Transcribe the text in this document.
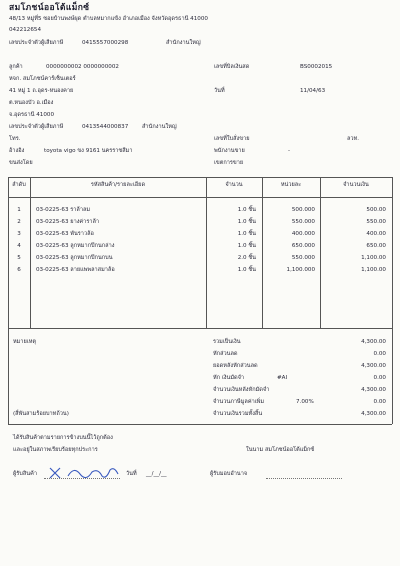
สมโภชน์ออโต้แม็กซ์
48/13 หมู่ที่5 ซอยบ้านพงษ์ผุด ตำบลหมากแข้ง อำเภอเมือง จังหวัดอุดรธานี 41000
042212654
เลขประจำตัวผู้เสียภาษี	0415557000298	สำนักงานใหญ่
ลูกค้า	0000000002 0000000002
หจก. สมโภชน์คาร์เซ็นเตอร์
41 หมู่ 1 ถ.อุดร-หนองคาย
ต.หนองบัว อ.เมือง
จ.อุดรธานี 41000
เลขประจำตัวผู้เสียภาษี	0413544000837 สำนักงานใหญ่
โทร.
อ้างอิง	toyota vigo ขง 9161 นครราชสีมา
ขนส่งโดย
เลขที่บิลเงินสด	BS0002015
วันที่	11/04/63
เลขที่ใบสั่งขาย	ลวท.
พนักงานขาย	-
เขตการขาย
ลำดับ	รหัสสินค้า/รายละเอียด	จำนวน	หน่วยละ	จำนวนเงิน
1	03-0225-63 ราล้าลม	1.0 ชิ้น	500.000	500.00
2	03-0225-63 ยางค่าราล้า	1.0 ชิ้น	550.000	550.00
3	03-0225-63 พันราวล้อ	1.0 ชิ้น	400.000	400.00
4	03-0225-63 ลูกหมากปีกนกล่าง	1.0 ชิ้น	650.000	650.00
5	03-0225-63 ลูกหมากปีกนกบน	2.0 ชิ้น	550.000	1,100.00
6	03-0225-63 ลายแพพลาสมาล้อ	1.0 ชิ้น	1,100.000	1,100.00
หมายเหตุ
(สี่พันสามร้อยบาทถ้วน)
รวมเป็นเงิน	4,300.00
หักส่วนลด	0.00
ยอดหลังหักส่วนลด	4,300.00
หัก เงินมัดจำ	#AI	0.00
จำนวนเงินหลังหักมัดจำ	4,300.00
จำนวนภาษีมูลค่าเพิ่ม	7.00%	0.00
จำนวนเงินรวมทั้งสิ้น	4,300.00
ได้รับสินค้าตามรายการข้างบนนี้ไว้ถูกต้อง
และอยู่ในสภาพเรียบร้อยทุกประการ	ในนาม สมโภชน์ออโต้แม็กซ์
ผู้รับสินค้า	วันที่ __/__/__	ผู้รับมอบอำนาจ
